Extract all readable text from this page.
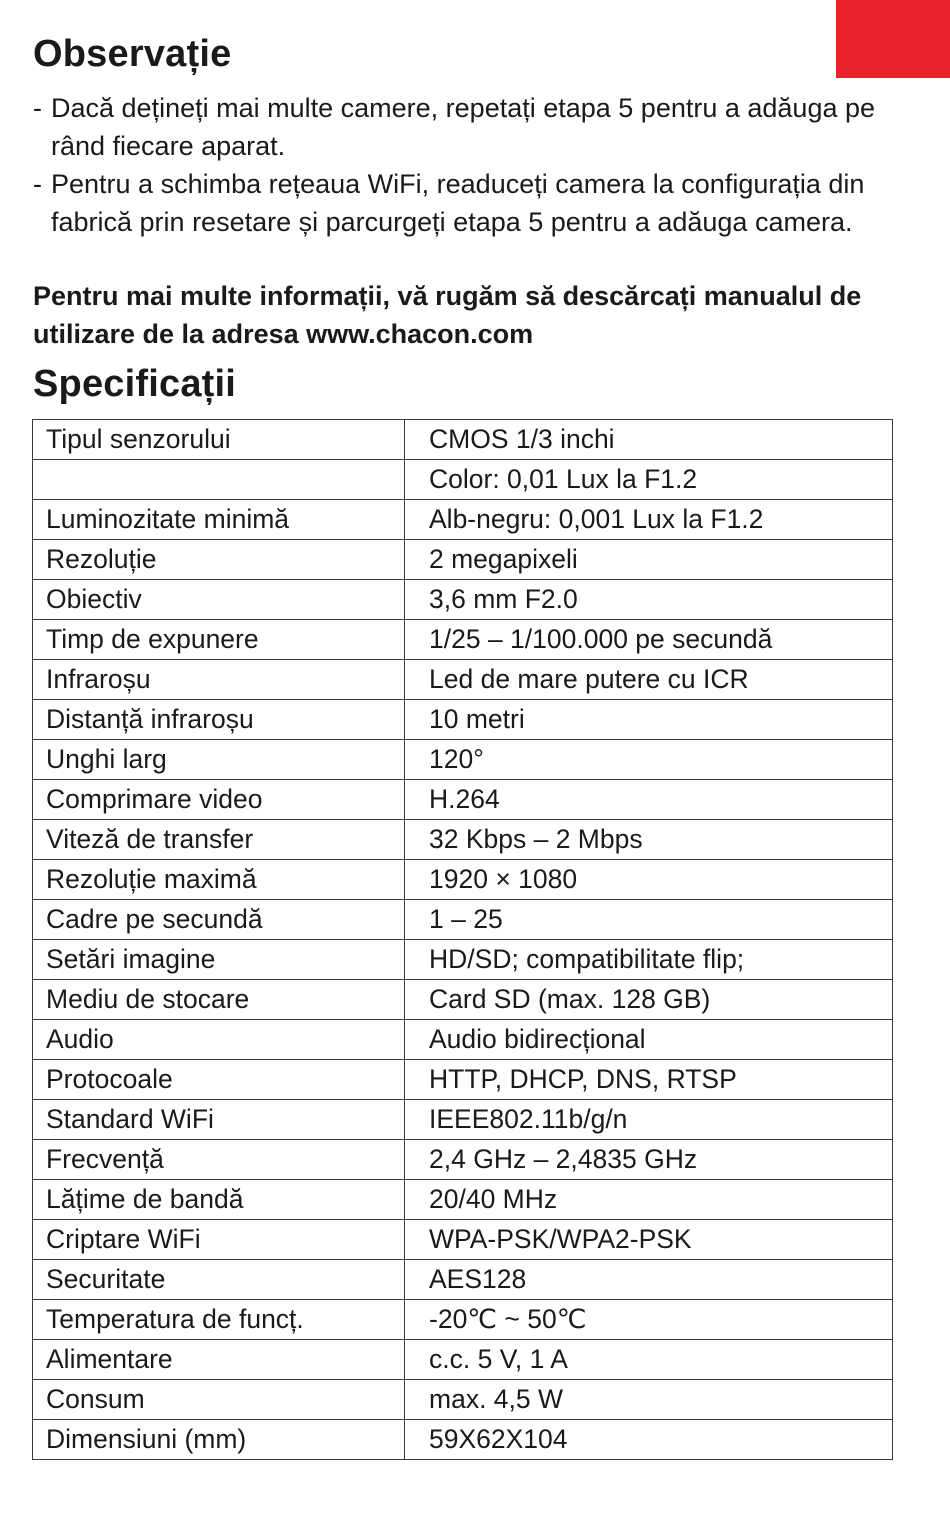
Observație
- Dacă dețineți mai multe camere, repetați etapa 5 pentru a adăuga pe rând fiecare aparat.
- Pentru a schimba rețeaua WiFi, readuceți camera la configurația din fabrică prin resetare și parcurgeți etapa 5 pentru a adăuga camera.

Pentru mai multe informații, vă rugăm să descărcați manualul de utilizare de la adresa www.chacon.com

Specificații
Tipul senzorului	CMOS 1/3 inchi
	Color: 0,01 Lux la F1.2
Luminozitate minimă	Alb-negru: 0,001 Lux la F1.2
Rezoluție	2 megapixeli
Obiectiv	3,6 mm F2.0
Timp de expunere	1/25 – 1/100.000 pe secundă
Infraroșu	Led de mare putere cu ICR
Distanță infraroșu	10 metri
Unghi larg	120°
Comprimare video	H.264
Viteză de transfer	32 Kbps – 2 Mbps
Rezoluție maximă	1920 × 1080
Cadre pe secundă	1 – 25
Setări imagine	HD/SD; compatibilitate flip;
Mediu de stocare	Card SD (max. 128 GB)
Audio	Audio bidirecțional
Protocoale	HTTP, DHCP, DNS, RTSP
Standard WiFi	IEEE802.11b/g/n
Frecvență	2,4 GHz – 2,4835 GHz
Lățime de bandă	20/40 MHz
Criptare WiFi	WPA-PSK/WPA2-PSK
Securitate	AES128
Temperatura de funcț.	-20℃ ~ 50℃
Alimentare	c.c. 5 V, 1 A
Consum	max. 4,5 W
Dimensiuni (mm)	59X62X104
